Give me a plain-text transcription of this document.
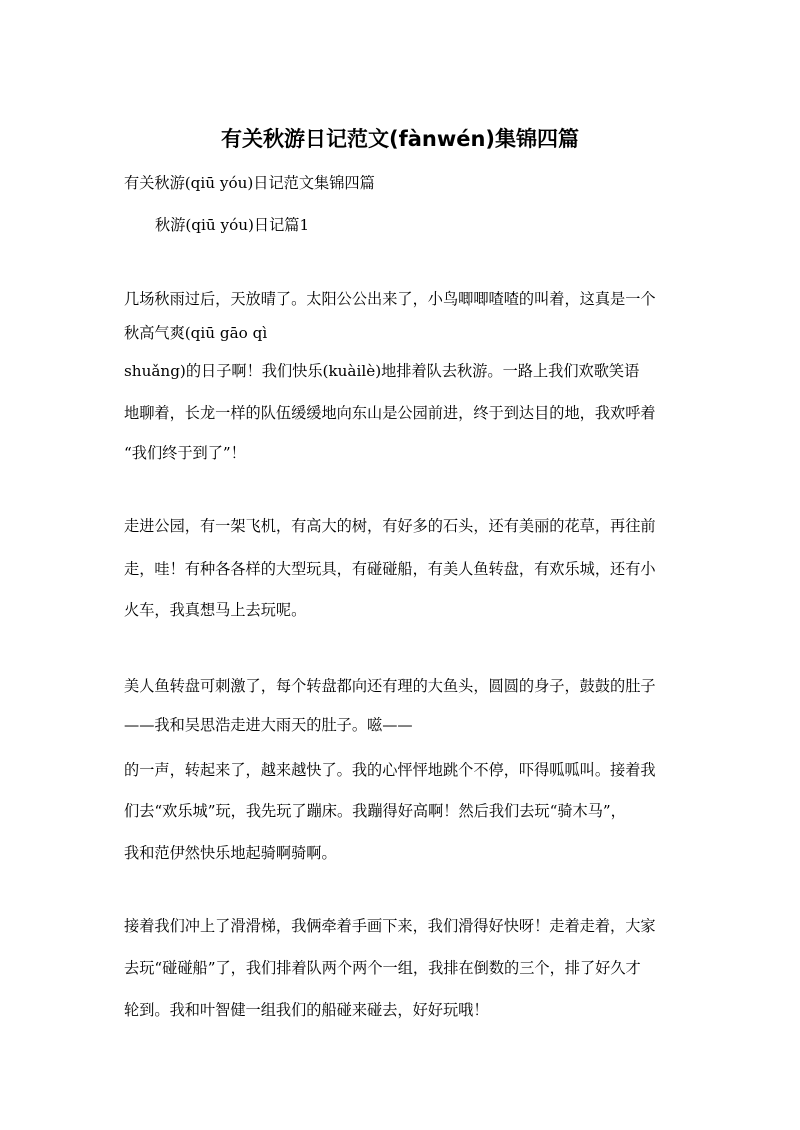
有关秋游日记范文(fànwén)集锦四篇
有关秋游(qiū yóu)日记范文集锦四篇
秋游(qiū yóu)日记篇1
几场秋雨过后，天放晴了。太阳公公出来了，小鸟唧唧喳喳的叫着，这真是一个
秋高气爽(qiū gāo qì
shuǎng)的日子啊！我们快乐(kuàilè)地排着队去秋游。一路上我们欢歌笑语
地聊着，长龙一样的队伍缓缓地向东山是公园前进，终于到达目的地，我欢呼着
“我们终于到了”！
走进公园，有一架飞机，有高大的树，有好多的石头，还有美丽的花草，再往前
走，哇！有种各各样的大型玩具，有碰碰船，有美人鱼转盘，有欢乐城，还有小
火车，我真想马上去玩呢。
美人鱼转盘可刺激了，每个转盘都向还有理的大鱼头，圆圆的身子，鼓鼓的肚子
——我和吴思浩走进大雨天的肚子。嗞——
的一声，转起来了，越来越快了。我的心怦怦地跳个不停，吓得呱呱叫。接着我
们去“欢乐城”玩，我先玩了蹦床。我蹦得好高啊！然后我们去玩“骑木马”，
我和范伊然快乐地起骑啊骑啊。
接着我们冲上了滑滑梯，我俩牵着手画下来，我们滑得好快呀！走着走着，大家
去玩“碰碰船”了，我们排着队两个两个一组，我排在倒数的三个，排了好久才
轮到。我和叶智健一组我们的船碰来碰去，好好玩哦！
